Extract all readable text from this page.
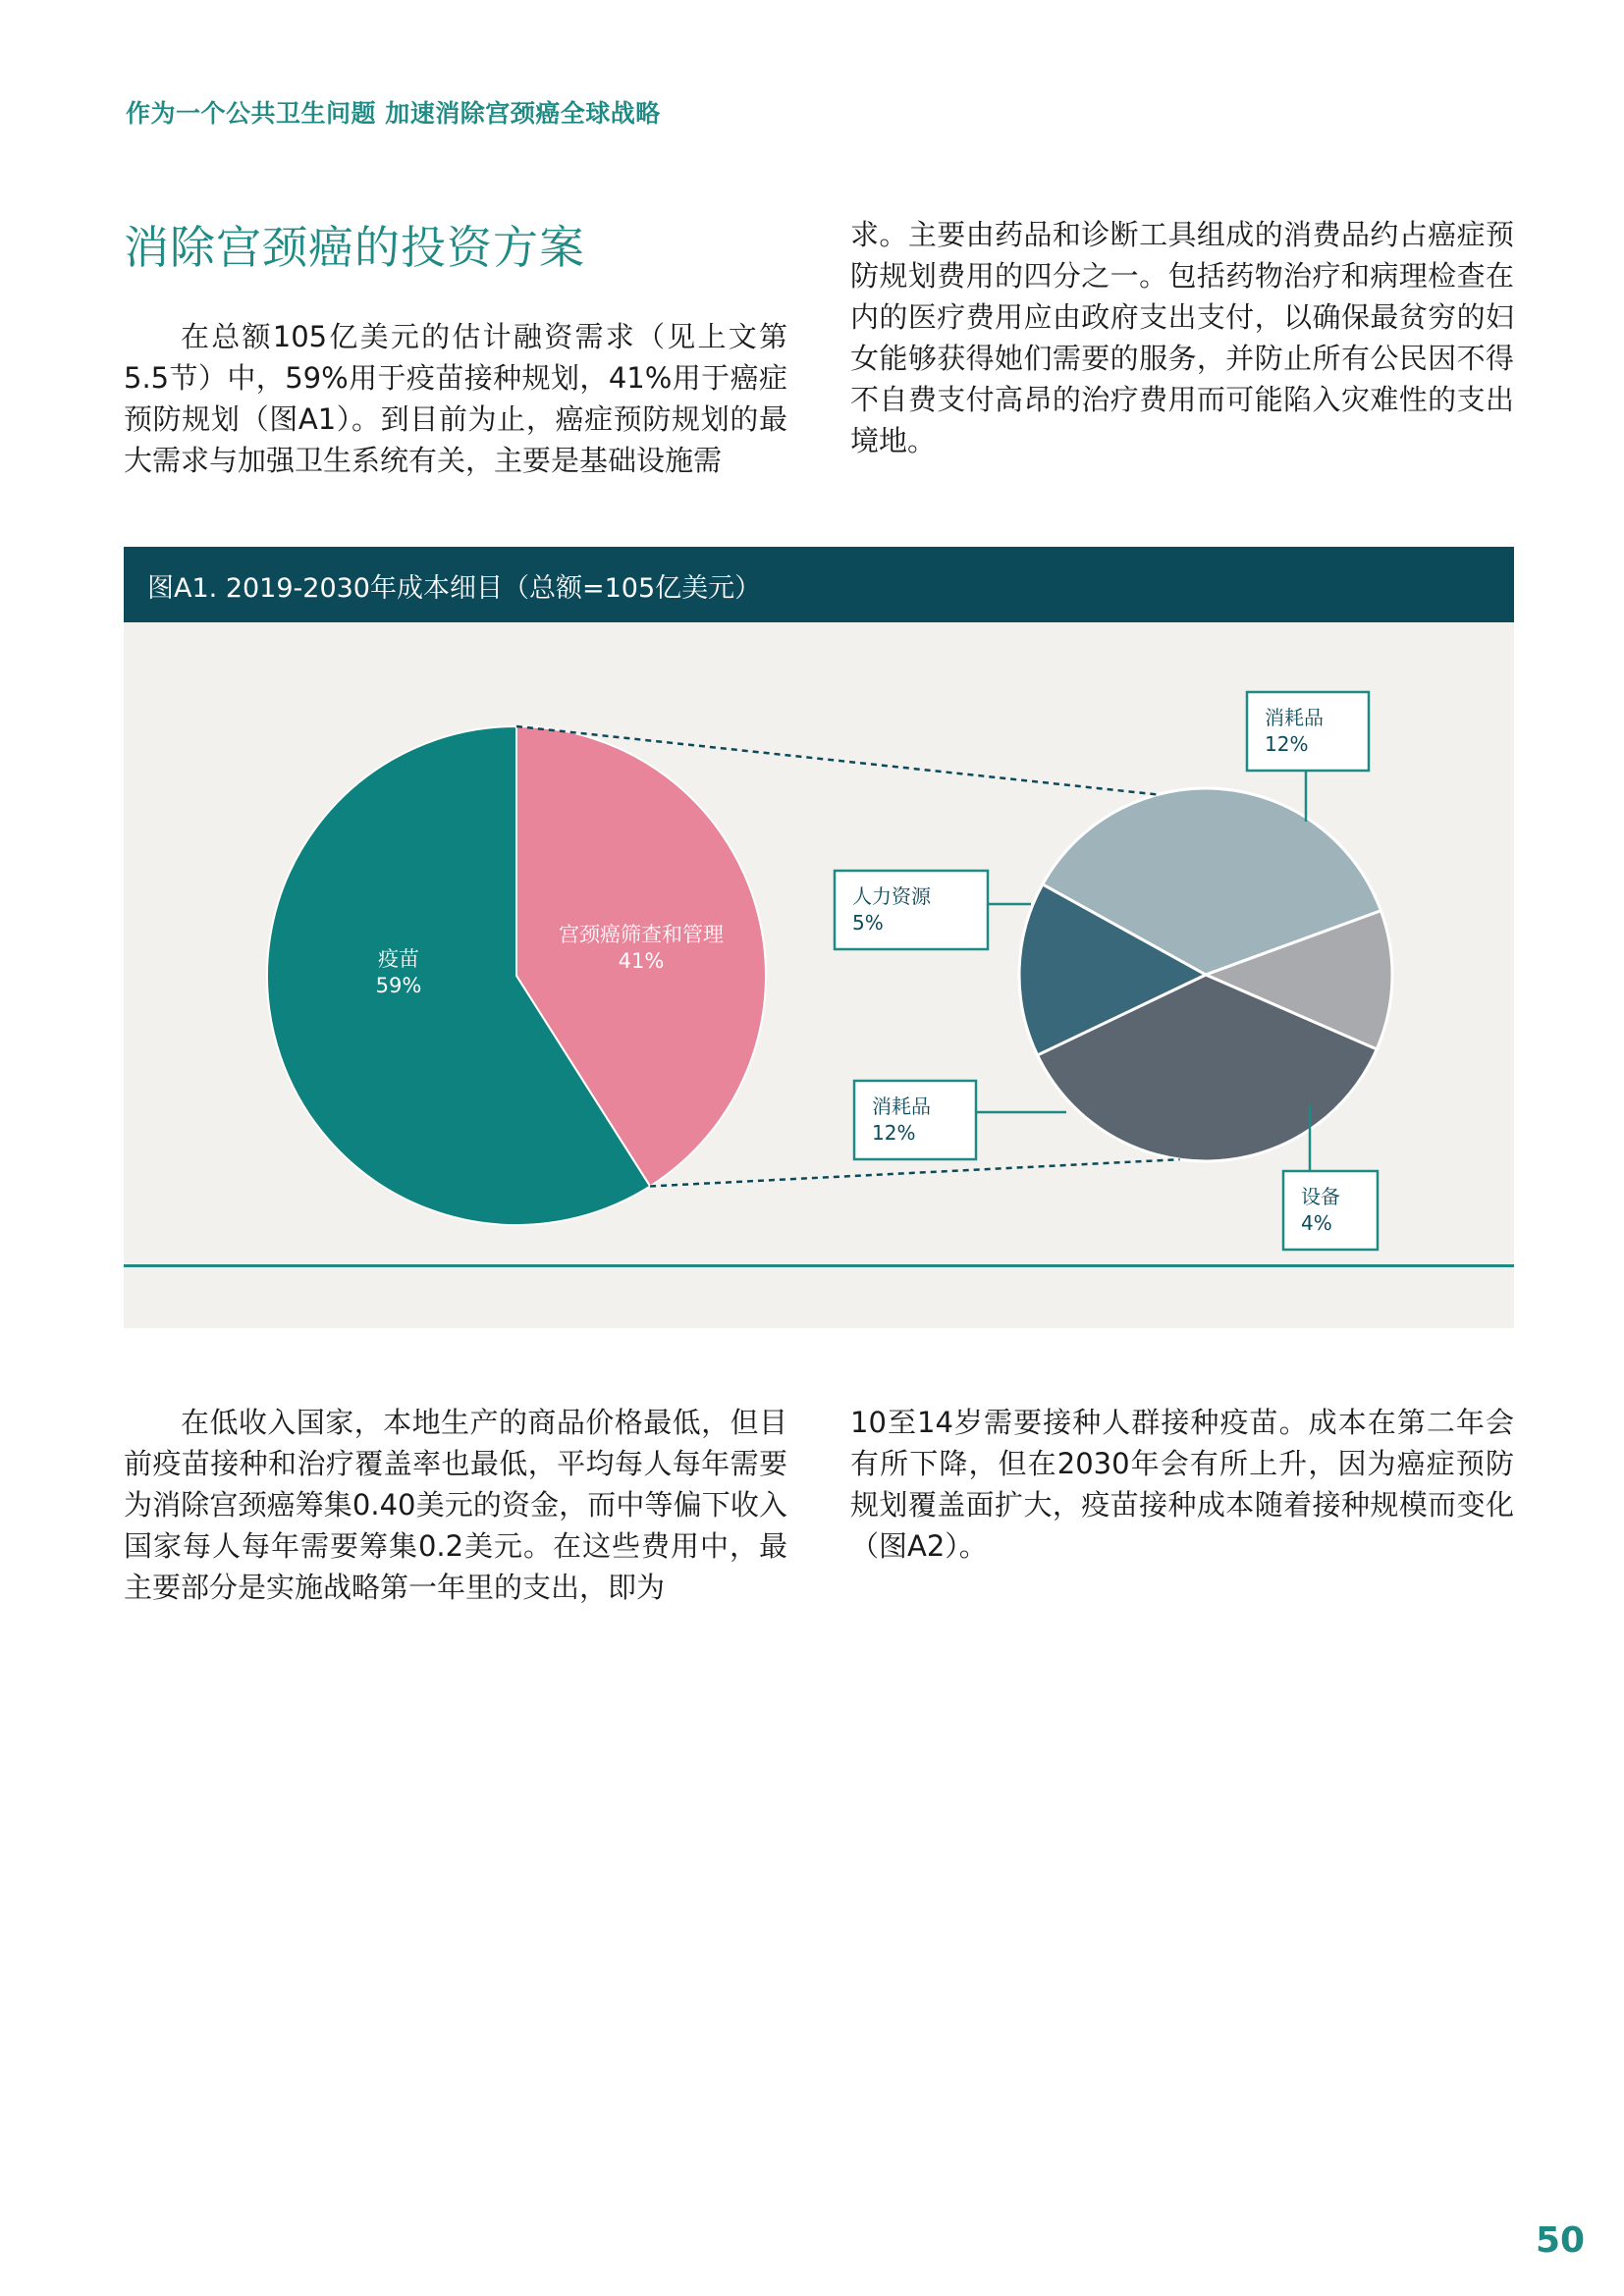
作为一个公共卫生问题 加速消除宫颈癌全球战略
消除宫颈癌的投资方案

在总额105亿美元的估计融资需求（见上文第5.5节）中，59%用于疫苗接种规划，41%用于癌症预防规划（图A1）。到目前为止，癌症预防规划的最大需求与加强卫生系统有关，主要是基础设施需

求。主要由药品和诊断工具组成的消费品约占癌症预防规划费用的四分之一。包括药物治疗和病理检查在内的医疗费用应由政府支出支付，以确保最贫穷的妇女能够获得她们需要的服务，并防止所有公民因不得不自费支付高昂的治疗费用而可能陷入灾难性的支出境地。

图A1. 2019-2030年成本细目（总额=105亿美元）
疫苗
59%
宫颈癌筛查和管理
41%
消耗品
12%
设备
4%
消耗品
12%
人力资源
5%

在低收入国家，本地生产的商品价格最低，但目前疫苗接种和治疗覆盖率也最低，平均每人每年需要为消除宫颈癌筹集0.40美元的资金，而中等偏下收入国家每人每年需要筹集0.2美元。在这些费用中，最主要部分是实施战略第一年里的支出，即为

10至14岁需要接种人群接种疫苗。成本在第二年会有所下降，但在2030年会有所上升，因为癌症预防规划覆盖面扩大，疫苗接种成本随着接种规模而变化（图A2）。

50
